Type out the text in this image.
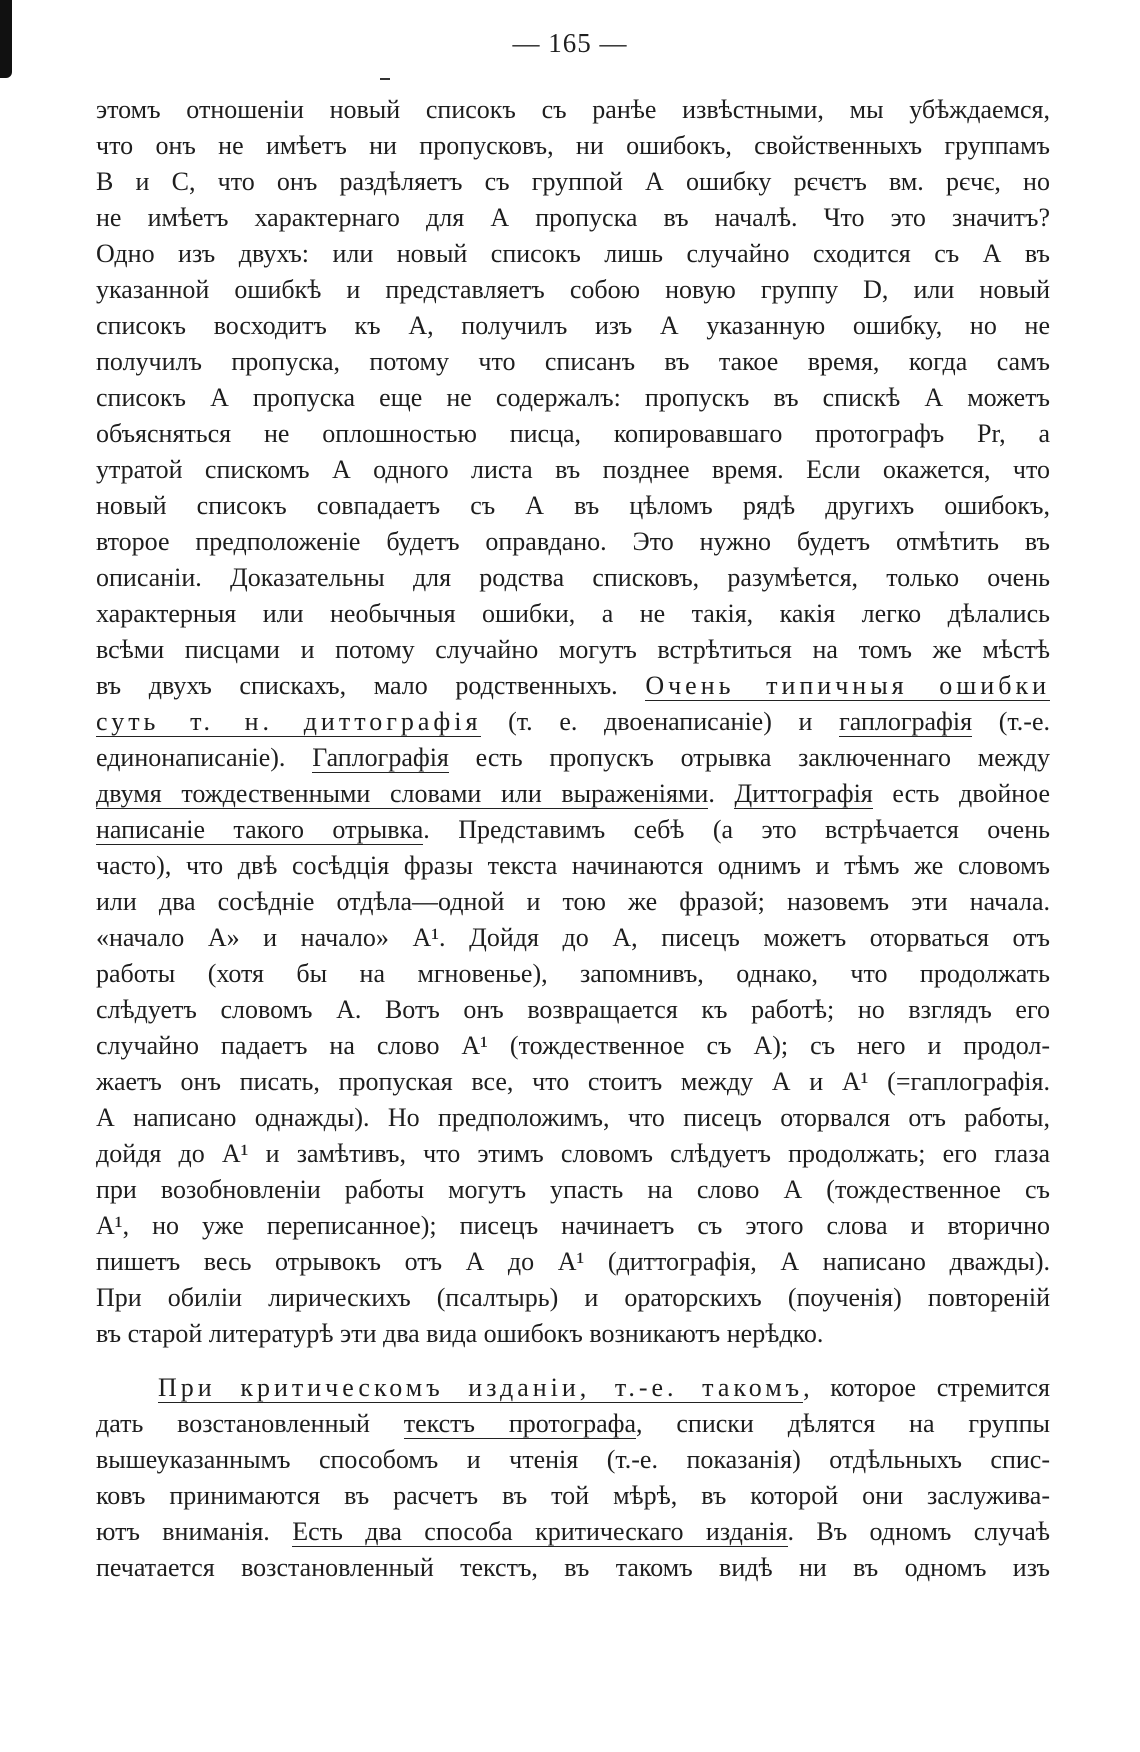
— 165 —
этомъ отношеніи новый списокъ съ ранѣе извѣстными, мы убѣждаемся,
что онъ не имѣетъ ни пропусковъ, ни ошибокъ, свойственныхъ группамъ
В и С, что онъ раздѣляетъ съ группой А ошибку рєчєтъ вм. рєчє, но
не имѣетъ характернаго для А пропуска въ началѣ. Что это значитъ?
Одно изъ двухъ: или новый списокъ лишь случайно сходится съ А въ
указанной ошибкѣ и представляетъ собою новую группу D, или новый
списокъ восходитъ къ А, получилъ изъ А указанную ошибку, но не
получилъ пропуска, потому что списанъ въ такое время, когда самъ
списокъ А пропуска еще не содержалъ: пропускъ въ спискѣ А можетъ
объясняться не оплошностью писца, копировавшаго протографъ Pr, а
утратой спискомъ А одного листа въ позднее время. Если окажется, что
новый списокъ совпадаетъ съ А въ цѣломъ рядѣ другихъ ошибокъ,
второе предположеніе будетъ оправдано. Это нужно будетъ отмѣтить въ
описаніи. Доказательны для родства списковъ, разумѣется, только очень
характерныя или необычныя ошибки, а не такія, какія легко дѣлались
всѣми писцами и потому случайно могутъ встрѣтиться на томъ же мѣстѣ
въ двухъ спискахъ, мало родственныхъ. Очень типичныя ошибки
суть т. н. диттографія (т. е. двоенаписаніе) и гаплографія (т.-е.
единонаписаніе). Гаплографія есть пропускъ отрывка заключеннаго между
двумя тождественными словами или выраженіями. Диттографія есть двойное
написаніе такого отрывка. Представимъ себѣ (а это встрѣчается очень
часто), что двѣ сосѣдція фразы текста начинаются однимъ и тѣмъ же словомъ
или два сосѣдніе отдѣла—одной и тою же фразой; назовемъ эти начала.
«начало А» и начало» А¹. Дойдя до А, писецъ можетъ оторваться отъ
работы (хотя бы на мгновенье), запомнивъ, однако, что продолжать
слѣдуетъ словомъ А. Вотъ онъ возвращается къ работѣ; но взглядъ его
случайно падаетъ на слово А¹ (тождественное съ А); съ него и продол-
жаетъ онъ писать, пропуская все, что стоитъ между А и А¹ (=гаплографія.
А написано однажды). Но предположимъ, что писецъ оторвался отъ работы,
дойдя до А¹ и замѣтивъ, что этимъ словомъ слѣдуетъ продолжать; его глаза
при возобновленіи работы могутъ упасть на слово А (тождественное съ
А¹, но уже переписанное); писецъ начинаетъ съ этого слова и вторично
пишетъ весь отрывокъ отъ А до А¹ (диттографія, А написано дважды).
При обиліи лирическихъ (псалтырь) и ораторскихъ (поученія) повтореній
въ старой литературѣ эти два вида ошибокъ возникаютъ нерѣдко.
При критическомъ изданіи, т.-е. такомъ, которое стремится
дать возстановленный текстъ протографа, списки дѣлятся на группы
вышеуказаннымъ способомъ и чтенія (т.-е. показанія) отдѣльныхъ спис-
ковъ принимаются въ расчетъ въ той мѣрѣ, въ которой они заслужива-
ютъ вниманія. Есть два способа критическаго изданія. Въ одномъ случаѣ
печатается возстановленный текстъ, въ такомъ видѣ ни въ одномъ изъ
